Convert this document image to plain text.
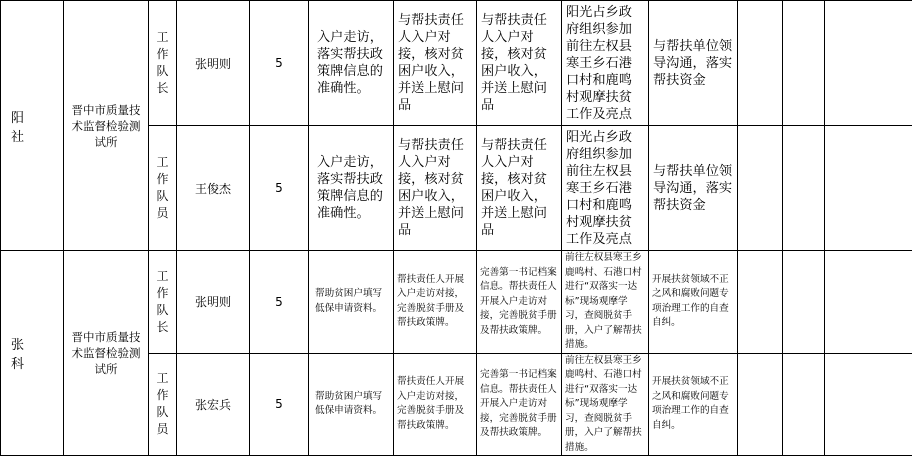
阳社	晋中市质量技术监督检验测试所	工
作
队
长	张明则	5	入户走访，落实帮扶政策牌信息的准确性。	与帮扶责任人入户对接，核对贫困户收入，并送上慰问品	与帮扶责任人入户对接，核对贫困户收入，并送上慰问品	阳光占乡政府组织参加前往左权县寒王乡石港口村和鹿鸣村观摩扶贫工作及亮点	与帮扶单位领导沟通，落实帮扶资金			

		工
作
队
员	王俊杰	5	入户走访，落实帮扶政策牌信息的准确性。	与帮扶责任人入户对接，核对贫困户收入，并送上慰问品	与帮扶责任人入户对接，核对贫困户收入，并送上慰问品	阳光占乡政府组织参加前往左权县寒王乡石港口村和鹿鸣村观摩扶贫工作及亮点	与帮扶单位领导沟通，落实帮扶资金			
张科	晋中市质量技术监督检验测试所	工
作
队
长	张明则	5	帮助贫困户填写低保申请资料。	帮扶责任人开展入户走访对接，完善脱贫手册及帮扶政策牌。	完善第一书记档案信息。帮扶责任人开展入户走访对接，完善脱贫手册及帮扶政策牌。	前往左权县寒王乡鹿鸣村、石港口村进行“双落实一达标”现场观摩学习，查阅脱贫手册，入户了解帮扶措施。	开展扶贫领域不正之风和腐败问题专项治理工作的自查自纠。			

		工
作
队
员	张宏兵	5	帮助贫困户填写低保申请资料。	帮扶责任人开展入户走访对接，完善脱贫手册及帮扶政策牌。	完善第一书记档案信息。帮扶责任人开展入户走访对接，完善脱贫手册及帮扶政策牌。	前往左权县寒王乡鹿鸣村、石港口村进行“双落实一达标”现场观摩学习，查阅脱贫手册，入户了解帮扶措施。	开展扶贫领域不正之风和腐败问题专项治理工作的自查自纠。			
